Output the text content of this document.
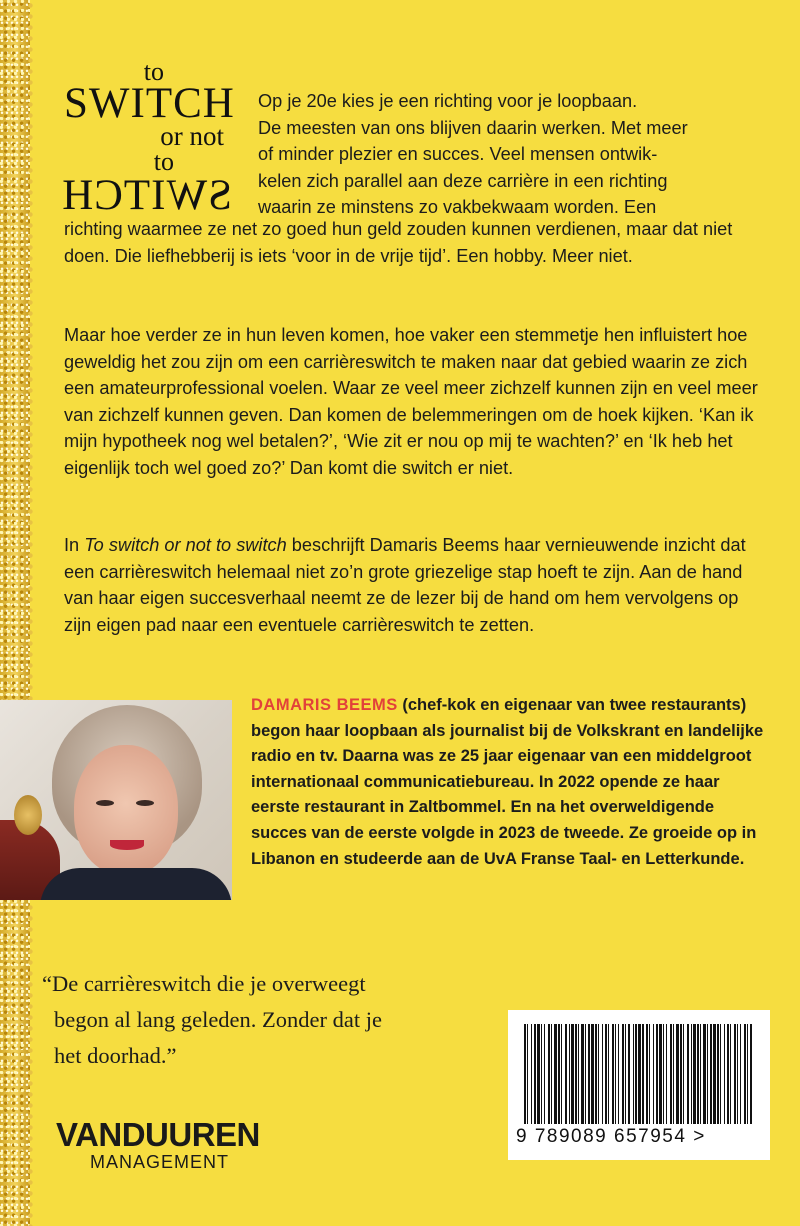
to
SWITCH
or not
to
SWITCH
Op je 20e kies je een richting voor je loopbaan.
De meesten van ons blijven daarin werken. Met meer
of minder plezier en succes. Veel mensen ontwik-
kelen zich parallel aan deze carrière in een richting
waarin ze minstens zo vakbekwaam worden. Een

richting waarmee ze net zo goed hun geld zouden kunnen verdienen, maar dat niet doen. Die liefhebberij is iets ‘voor in de vrije tijd’. Een hobby. Meer niet.

Maar hoe verder ze in hun leven komen, hoe vaker een stemmetje hen influistert hoe geweldig het zou zijn om een carrièreswitch te maken naar dat gebied waarin ze zich een amateurprofessional voelen. Waar ze veel meer zichzelf kunnen zijn en veel meer van zichzelf kunnen geven. Dan komen de belemmeringen om de hoek kijken. ‘Kan ik mijn hypotheek nog wel betalen?’, ‘Wie zit er nou op mij te wachten?’ en ‘Ik heb het eigenlijk toch wel goed zo?’ Dan komt die switch er niet.

In To switch or not to switch beschrijft Damaris Beems haar vernieuwende inzicht dat een carrièreswitch helemaal niet zo’n grote griezelige stap hoeft te zijn. Aan de hand van haar eigen succesverhaal neemt ze de lezer bij de hand om hem vervolgens op zijn eigen pad naar een eventuele carrièreswitch te zetten.

DAMARIS BEEMS (chef-kok en eigenaar van twee restaurants) begon haar loopbaan als journalist bij de Volkskrant en landelijke radio en tv. Daarna was ze 25 jaar eigenaar van een middelgroot internationaal communicatiebureau. In 2022 opende ze haar eerste restaurant in Zaltbommel. En na het overweldigende succes van de eerste volgde in 2023 de tweede. Ze groeide op in Libanon en studeerde aan de UvA Franse Taal- en Letterkunde.

“De carrièreswitch die je overweegt
begon al lang geleden. Zonder dat je
het doorhad.”
VANDUUREN
MANAGEMENT
9 789089 657954 >
